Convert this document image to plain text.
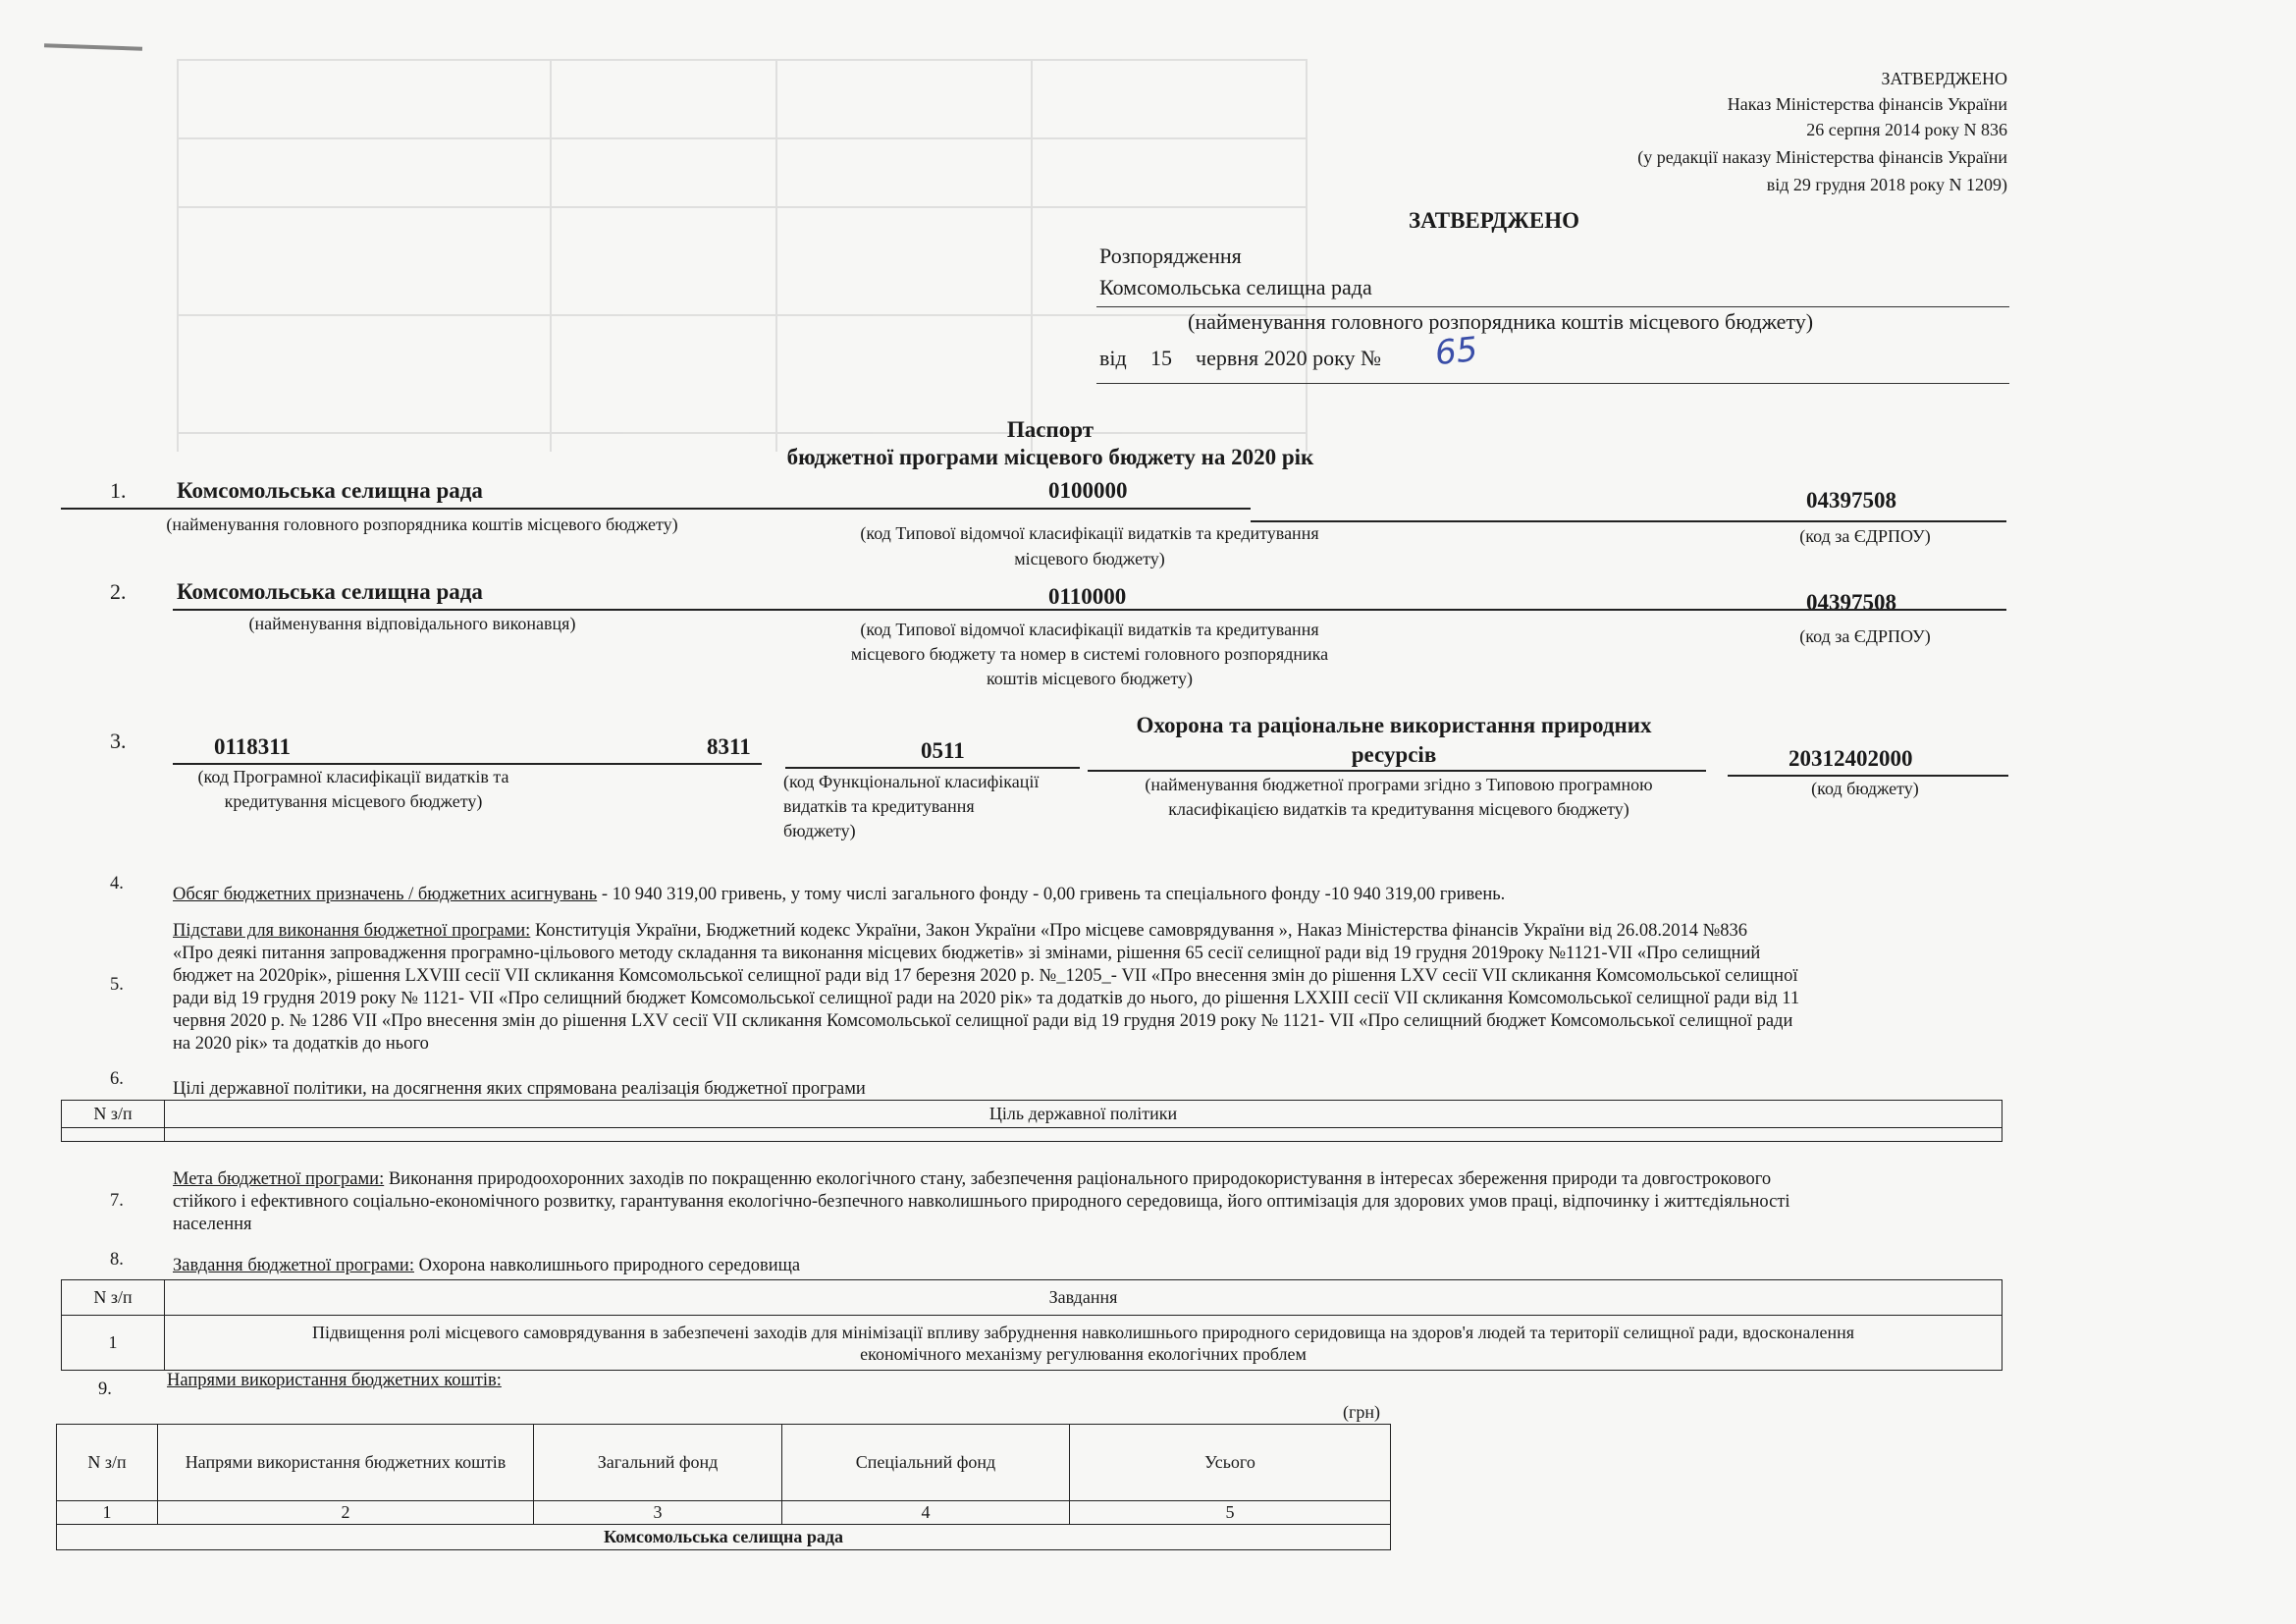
ЗАТВЕРДЖЕНО
Наказ Міністерства фінансів України
26 серпня 2014 року N 836
(у редакції наказу Міністерства фінансів України
від 29 грудня 2018 року N 1209)
ЗАТВЕРДЖЕНО
Розпорядження
Комсомольська селищна рада
(найменування головного розпорядника коштів місцевого бюджету)
від 15 червня 2020 року № 65
Паспорт
бюджетної програми місцевого бюджету на 2020 рік
1. Комсомольська селищна рада	0100000	04397508
(найменування головного розпорядника коштів місцевого бюджету)	(код Типової відомчої класифікації видатків та кредитування
місцевого бюджету)
(код за ЄДРПОУ)
2. Комсомольська селищна рада	0110000	04397508
(найменування відповідального виконавця)	(код Типової відомчої класифікації видатків та кредитування
місцевого бюджету та номер в системі головного розпорядника
коштів місцевого бюджету)
(код за ЄДРПОУ)
3.	0118311	8311	0511
Охорона та раціональне використання природних
ресурсів	20312402000
(код Програмної класифікації видатків та
кредитування місцевого бюджету)
(код Функціональної класифікації
видатків та кредитування
бюджету)
(найменування бюджетної програми згідно з Типовою програмною
класифікацією видатків та кредитування місцевого бюджету)
(код бюджету)
4.
Обсяг бюджетних призначень / бюджетних асигнувань - 10 940 319,00 гривень, у тому числі загального фонду - 0,00 гривень та спеціального фонду -10 940 319,00 гривень.
5.
Підстави для виконання бюджетної програми: Конституція України, Бюджетний кодекс України, Закон України «Про місцеве самоврядування », Наказ Міністерства фінансів України від 26.08.2014 №836
«Про деякі питання запровадження програмно-цільового методу складання та виконання місцевих бюджетів» зі змінами, рішення 65 сесії селищної ради від 19 грудня 2019року №1121-VІІ «Про селищний
бюджет на 2020рік», рішення LXVIII сесії VII скликання Комсомольської селищної ради від 17 березня 2020 р. №_1205_- VII «Про внесення змін до рішення LXV сесії VII скликання Комсомольської селищної
ради від 19 грудня 2019 року № 1121- VII «Про селищний бюджет Комсомольської селищної ради на 2020 рік» та додатків до нього, до рішення LXXIII сесії VII скликання Комсомольської селищної ради від 11
червня 2020 р. № 1286 VII «Про внесення змін до рішення LXV сесії VII скликання Комсомольської селищної ради від 19 грудня 2019 року № 1121- VII «Про селищний бюджет Комсомольської селищної ради
на 2020 рік» та додатків до нього
6.	Цілі державної політики, на досягнення яких спрямована реалізація бюджетної програми
N з/п	Ціль державної політики

7.
Мета бюджетної програми: Виконання природоохоронних заходів по покращенню екологічного стану, забезпечення раціонального природокористування в інтересах збереження природи та довгострокового
стійкого і ефективного соціально-економічного розвитку, гарантування екологічно-безпечного навколишнього природного середовища, його оптимізація для здорових умов праці, відпочинку і життєдіяльності
населення
8.	Завдання бюджетної програми: Охорона навколишнього природного середовища
N з/п	Завдання
1	Підвищення ролі місцевого самоврядування в забезпечені заходів для мінімізації впливу забруднення навколишнього природного серидовища на здоров'я людей та території селищної ради, вдосконалення
економічного механізму регулювання екологічних проблем
9.	Напрями використання бюджетних коштів:
(грн)
N з/п	Напрями використання бюджетних коштів	Загальний фонд	Спеціальний фонд	Усього
1	2	3	4	5
Комсомольська селищна рада				
